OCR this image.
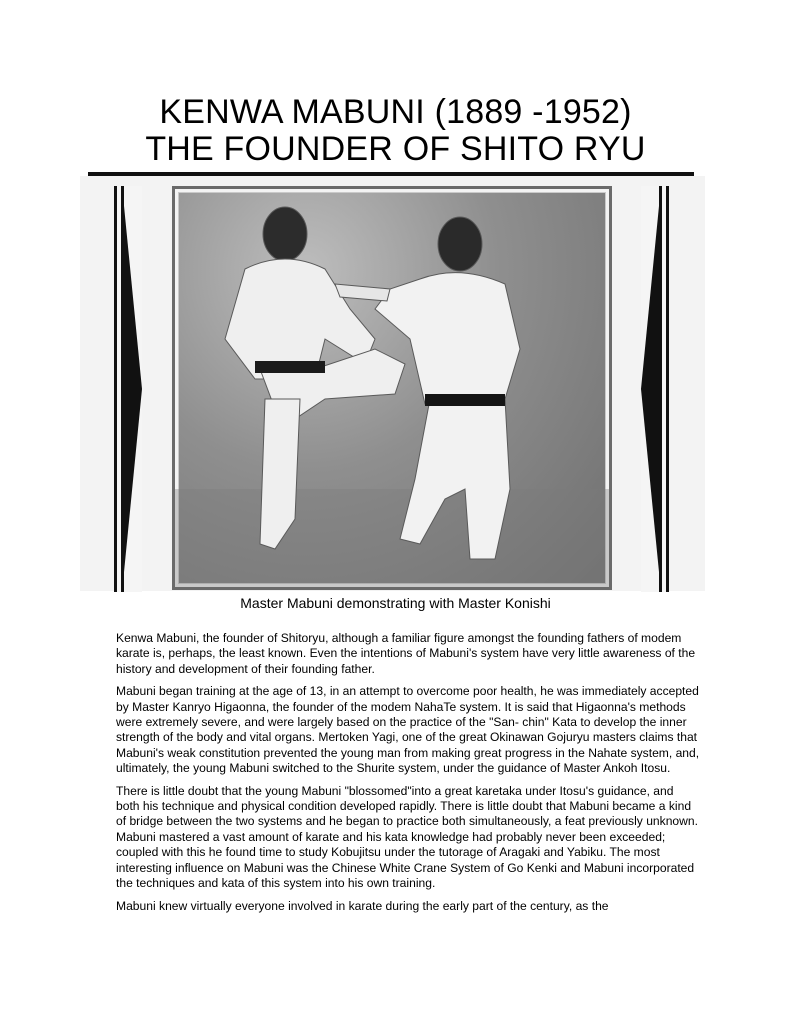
KENWA MABUNI (1889 -1952)
THE FOUNDER OF SHITO RYU
Master Mabuni demonstrating with Master Konishi

Kenwa Mabuni, the founder of Shitoryu, although a familiar figure amongst the founding fathers of modem karate is, perhaps, the least known. Even the intentions of Mabuni's system have very little awareness of the history and development of their founding father.

Mabuni began training at the age of 13, in an attempt to overcome poor health, he was immediately accepted by Master Kanryo Higaonna, the founder of the modem NahaTe system. It is said that Higaonna's methods were extremely severe, and were largely based on the practice of the "San- chin" Kata to develop the inner strength of the body and vital organs. Mertoken Yagi, one of the great Okinawan Gojuryu masters claims that Mabuni's weak constitution prevented the young man from making great progress in the Nahate system, and, ultimately, the young Mabuni switched to the Shurite system, under the guidance of Master Ankoh Itosu.

There is little doubt that the young Mabuni "blossomed"into a great karetaka under Itosu's guidance, and both his technique and physical condition developed rapidly. There is little doubt that Mabuni became a kind of bridge between the two systems and he began to practice both simultaneously, a feat previously unknown. Mabuni mastered a vast amount of karate and his kata knowledge had probably never been exceeded; coupled with this he found time to study Kobujitsu under the tutorage of Aragaki and Yabiku. The most interesting influence on Mabuni was the Chinese White Crane System of Go Kenki and Mabuni incorporated the techniques and kata of this system into his own training.

Mabuni knew virtually everyone involved in karate during the early part of the century, as the
